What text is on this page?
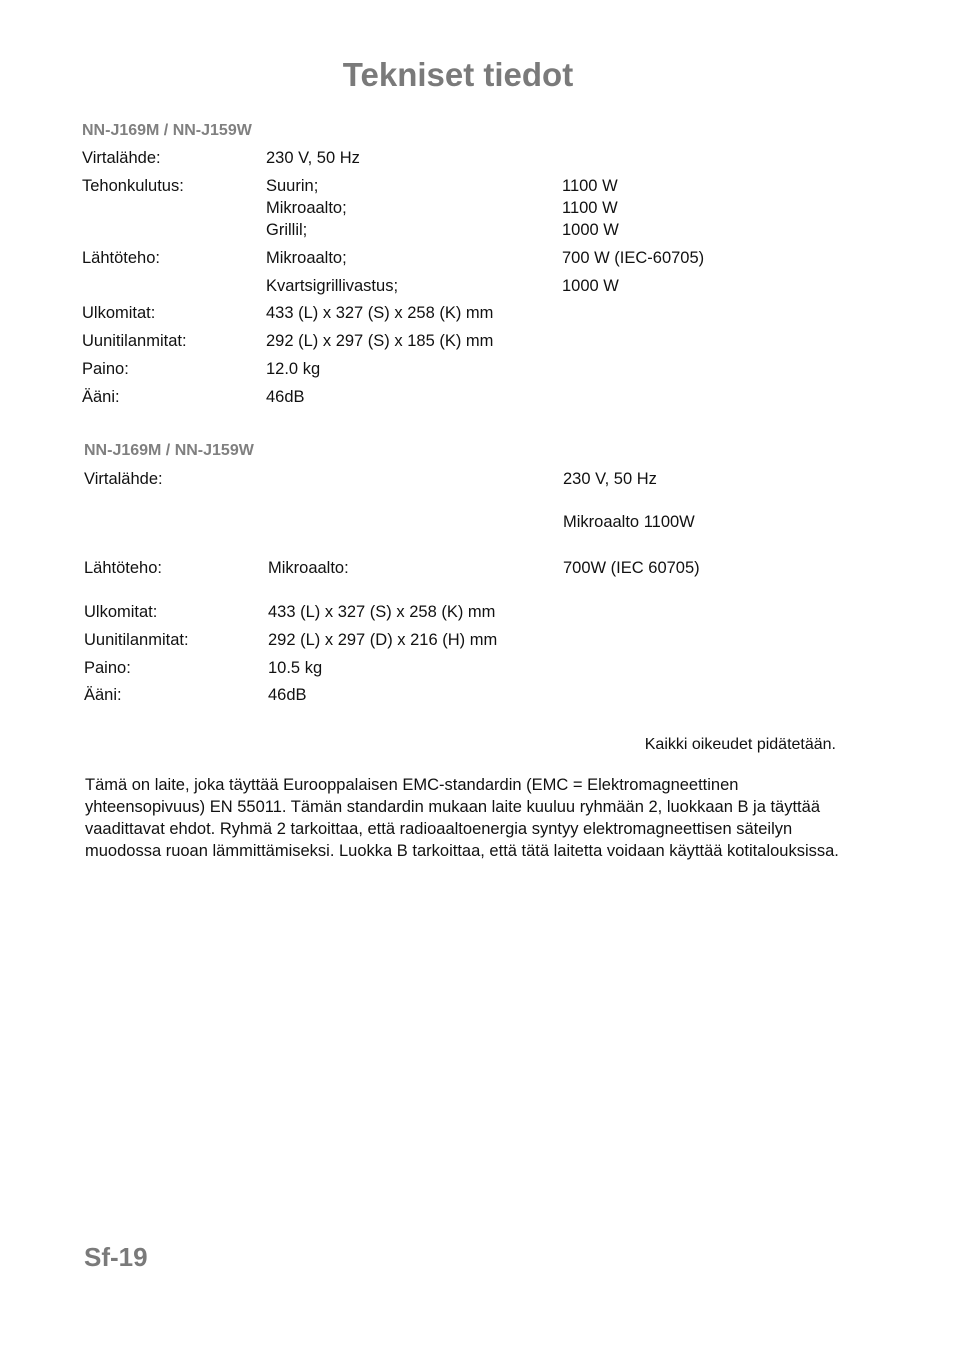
Tekniset tiedot
NN-J169M / NN-J159W
Virtalähde:	230 V, 50 Hz
Tehonkulutus:	Suurin;	1100 W
Mikroaalto;	1100 W
Grillil;	1000 W
Lähtöteho:	Mikroaalto;	700 W (IEC-60705)
Kvartsigrillivastus;	1000 W
Ulkomitat:	433 (L) x 327 (S) x 258 (K) mm
Uunitilanmitat:	292 (L) x 297 (S) x 185 (K) mm
Paino:	12.0 kg
Ääni:	46dB
NN-J169M / NN-J159W
Virtalähde:	230 V, 50 Hz
Mikroaalto 1100W
Lähtöteho:	Mikroaalto:	700W (IEC 60705)
Ulkomitat:	433 (L) x 327 (S) x 258 (K) mm
Uunitilanmitat:	292 (L) x 297 (D) x 216 (H) mm
Paino:	10.5 kg
Ääni:	46dB
Kaikki oikeudet pidätetään.
Tämä on laite, joka täyttää Eurooppalaisen EMC-standardin (EMC = Elektromagneettinen yhteensopivuus) EN 55011. Tämän standardin mukaan laite kuuluu ryhmään 2, luokkaan B ja täyttää vaadittavat ehdot. Ryhmä 2 tarkoittaa, että radioaaltoenergia syntyy elektromagneettisen säteilyn muodossa ruoan lämmittämiseksi. Luokka B tarkoittaa, että tätä laitetta voidaan käyttää kotitalouksissa.
Sf-19
